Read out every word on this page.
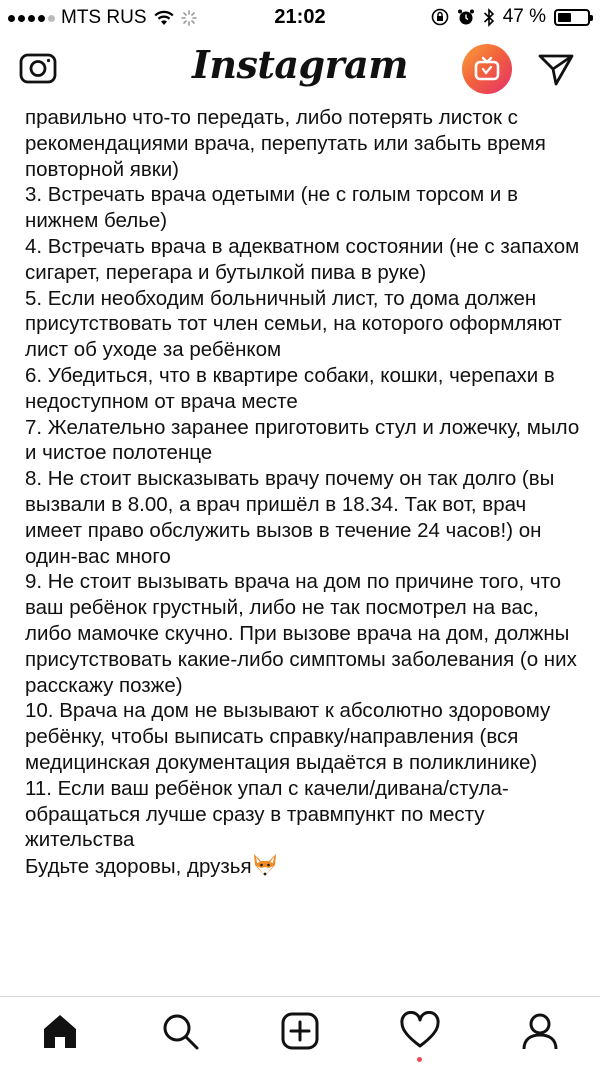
MTS RUS	21:02	47 %
Instagram

правильно что-то передать, либо потерять листок с рекомендациями врача, перепутать или забыть время повторной явки)

3. Встречать врача одетыми (не с голым торсом и в нижнем белье)

4. Встречать врача в адекватном состоянии (не с запахом сигарет, перегара и бутылкой пива в руке)

5. Если необходим больничный лист, то дома должен присутствовать тот член семьи, на которого оформляют лист об уходе за ребёнком

6. Убедиться, что в квартире собаки, кошки, черепахи в недоступном от врача месте

7. Желательно заранее приготовить стул и ложечку, мыло и чистое полотенце

8. Не стоит высказывать врачу почему он так долго (вы вызвали в 8.00, а врач пришёл в 18.34. Так вот, врач имеет право обслужить вызов в течение 24 часов!) он один-вас много

9. Не стоит вызывать врача на дом по причине того, что ваш ребёнок грустный, либо не так посмотрел на вас, либо мамочке скучно. При вызове врача на дом, должны присутствовать какие-либо симптомы заболевания (о них расскажу позже)

10. Врача на дом не вызывают к абсолютно здоровому ребёнку, чтобы выписать справку/направления (вся медицинская документация выдаётся в поликлинике)

11. Если ваш ребёнок упал с качели/дивана/стула-обращаться лучше сразу в травмпункт по месту жительства

Будьте здоровы, друзья
